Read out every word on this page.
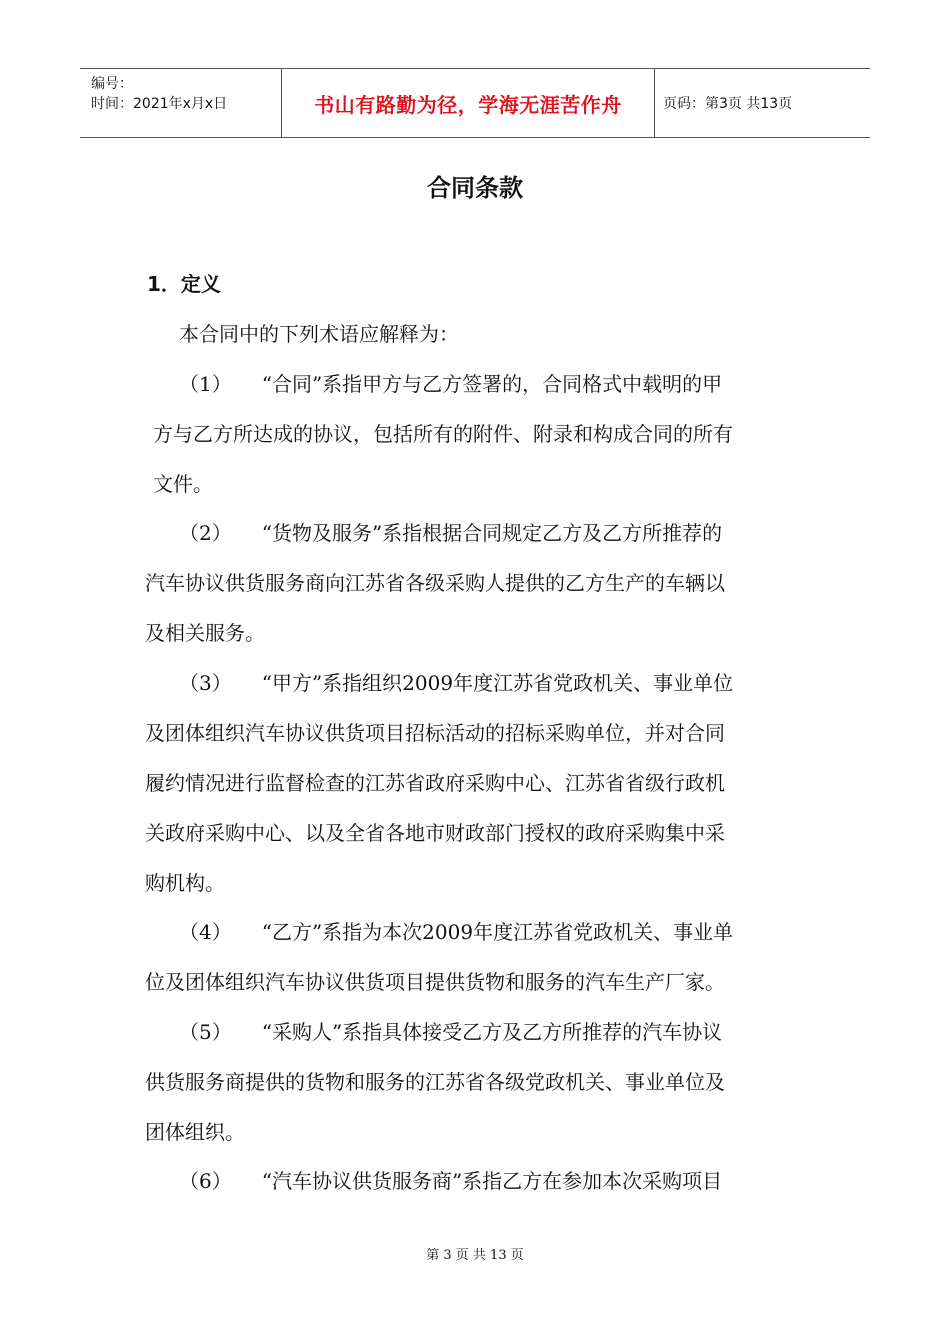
编号：
时间：2021年x月x日	书山有路勤为径，学海无涯苦作舟	页码：第3页 共13页
合同条款
1．定义
本合同中的下列术语应解释为：
（1）　　“合同”系指甲方与乙方签署的，合同格式中载明的甲
方与乙方所达成的协议，包括所有的附件、附录和构成合同的所有
文件。
（2）　　“货物及服务”系指根据合同规定乙方及乙方所推荐的
汽车协议供货服务商向江苏省各级采购人提供的乙方生产的车辆以
及相关服务。
（3）　　“甲方”系指组织2009年度江苏省党政机关、事业单位
及团体组织汽车协议供货项目招标活动的招标采购单位，并对合同
履约情况进行监督检查的江苏省政府采购中心、江苏省省级行政机
关政府采购中心、以及全省各地市财政部门授权的政府采购集中采
购机构。
（4）　　“乙方”系指为本次2009年度江苏省党政机关、事业单
位及团体组织汽车协议供货项目提供货物和服务的汽车生产厂家。
（5）　　“采购人”系指具体接受乙方及乙方所推荐的汽车协议
供货服务商提供的货物和服务的江苏省各级党政机关、事业单位及
团体组织。
（6）　　“汽车协议供货服务商”系指乙方在参加本次采购项目
第 3 页 共 13 页
